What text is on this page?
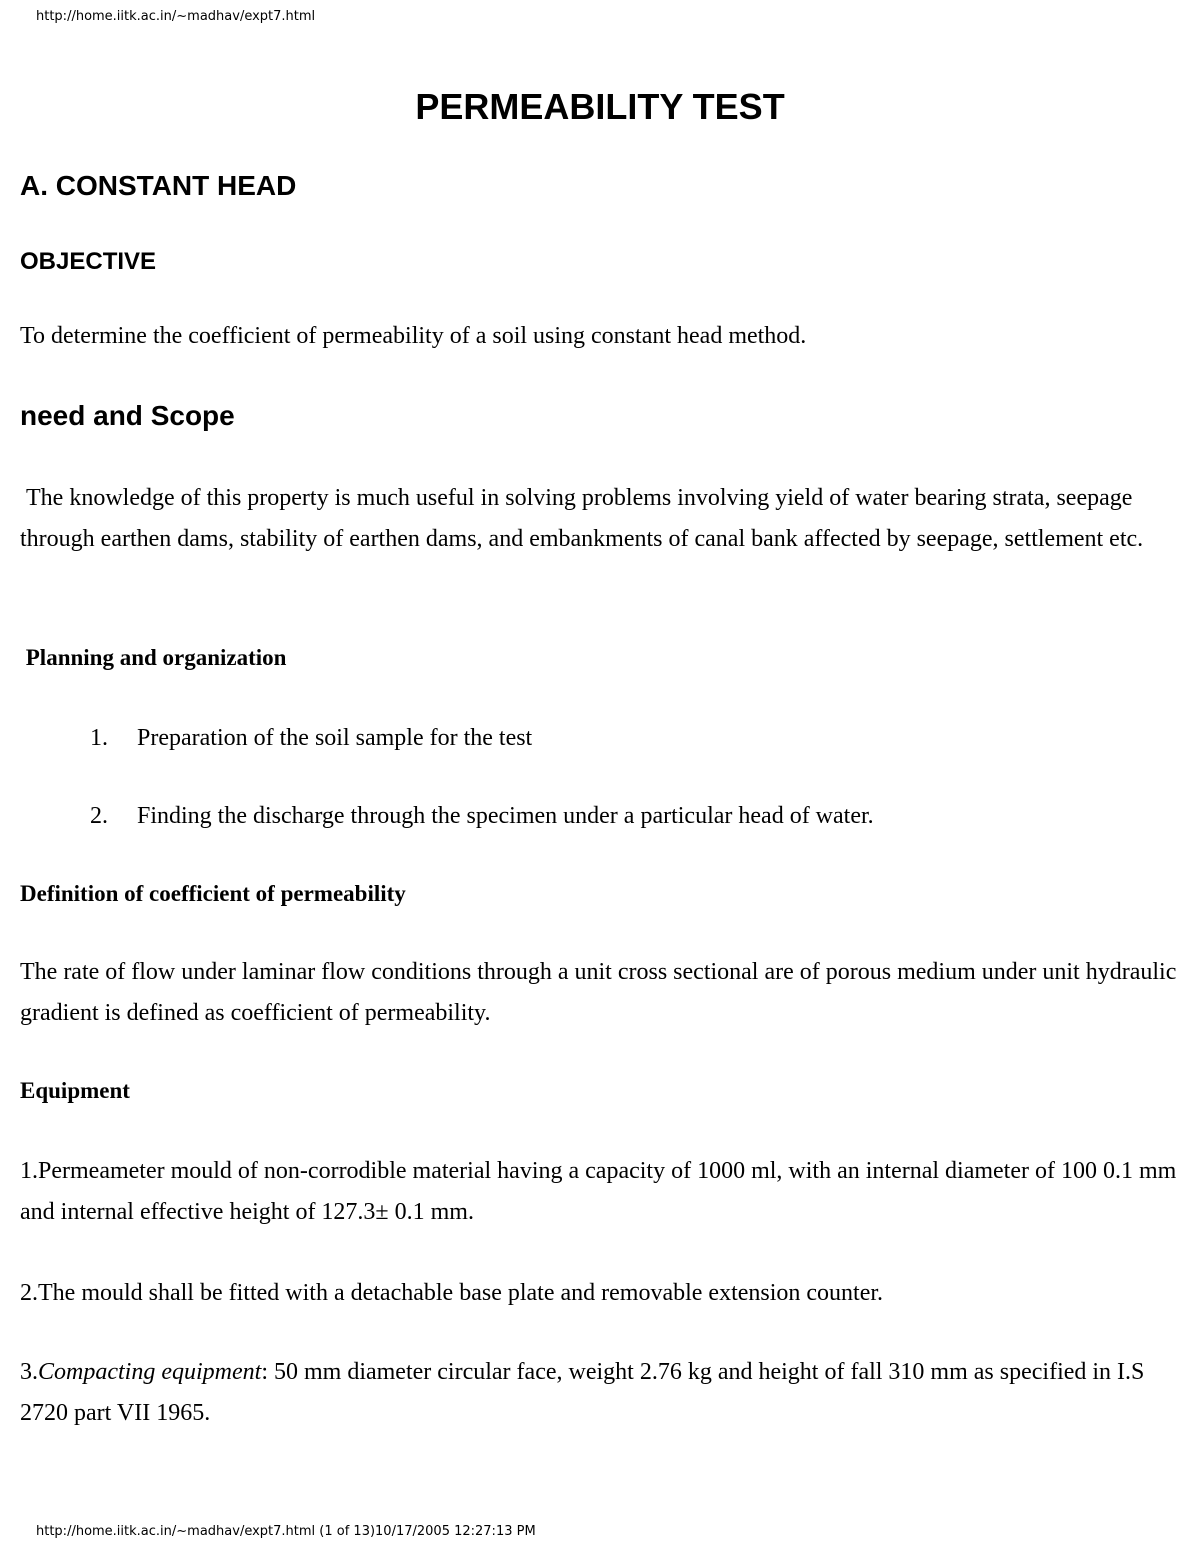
http://home.iitk.ac.in/~madhav/expt7.html
PERMEABILITY TEST
A. CONSTANT HEAD
OBJECTIVE
To determine the coefficient of permeability of a soil using constant head method.
need and Scope
The knowledge of this property is much useful in solving problems involving yield of water bearing strata, seepage through earthen dams, stability of earthen dams, and embankments of canal bank affected by seepage, settlement etc.
Planning and organization
1. Preparation of the soil sample for the test
2. Finding the discharge through the specimen under a particular head of water.
Definition of coefficient of permeability
The rate of flow under laminar flow conditions through a unit cross sectional are of porous medium under unit hydraulic gradient is defined as coefficient of permeability.
Equipment
1.Permeameter mould of non-corrodible material having a capacity of 1000 ml, with an internal diameter of 100 0.1 mm and internal effective height of 127.3± 0.1 mm.
2.The mould shall be fitted with a detachable base plate and removable extension counter.
3.Compacting equipment: 50 mm diameter circular face, weight 2.76 kg and height of fall 310 mm as specified in I.S 2720 part VII 1965.
http://home.iitk.ac.in/~madhav/expt7.html (1 of 13)10/17/2005 12:27:13 PM
